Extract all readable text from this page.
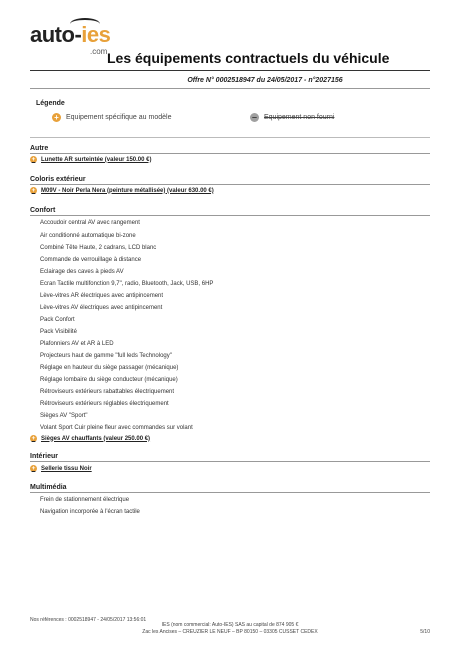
auto-ies
.com Les équipements contractuels du véhicule
Offre N° 0002518947 du 24/05/2017 - n°2027156
Légende
+	Equipement spécifique au modèle	–	Equipement non fourni
Autre
+ Lunette AR surteintée (valeur 150.00 €)
Coloris extérieur
+ M09V - Noir Perla Nera (peinture métallisée) (valeur 630.00 €)
Confort
Accoudoir central AV avec rangement
Air conditionné automatique bi-zone
Combiné Tête Haute, 2 cadrans, LCD blanc
Commande de verrouillage à distance
Eclairage des caves à pieds AV
Ecran Tactile multifonction 9,7", radio, Bluetooth, Jack, USB, 6HP
Lève-vitres AR électriques avec antipincement
Lève-vitres AV électriques avec antipincement
Pack Confort
Pack Visibilité
Plafonniers AV et AR à LED
Projecteurs haut de gamme "full leds Technology"
Réglage en hauteur du siège passager (mécanique)
Réglage lombaire du siège conducteur (mécanique)
Rétroviseurs extérieurs rabattables électriquement
Rétroviseurs extérieurs réglables électriquement
Sièges AV "Sport"
Volant Sport Cuir pleine fleur avec commandes sur volant
+ Sièges AV chauffants (valeur 250.00 €)
Intérieur
+ Sellerie tissu Noir
Multimédia
Frein de stationnement électrique
Navigation incorporée à l'écran tactile
Nos références : 0002518947 - 24/05/2017 13:56:01
IES (nom commercial: Auto-IES) SAS au capital de 874 905 €
Zac les Ancises – CREUZIER LE NEUF – BP 80150 – 03305 CUSSET CEDEX	5/10
